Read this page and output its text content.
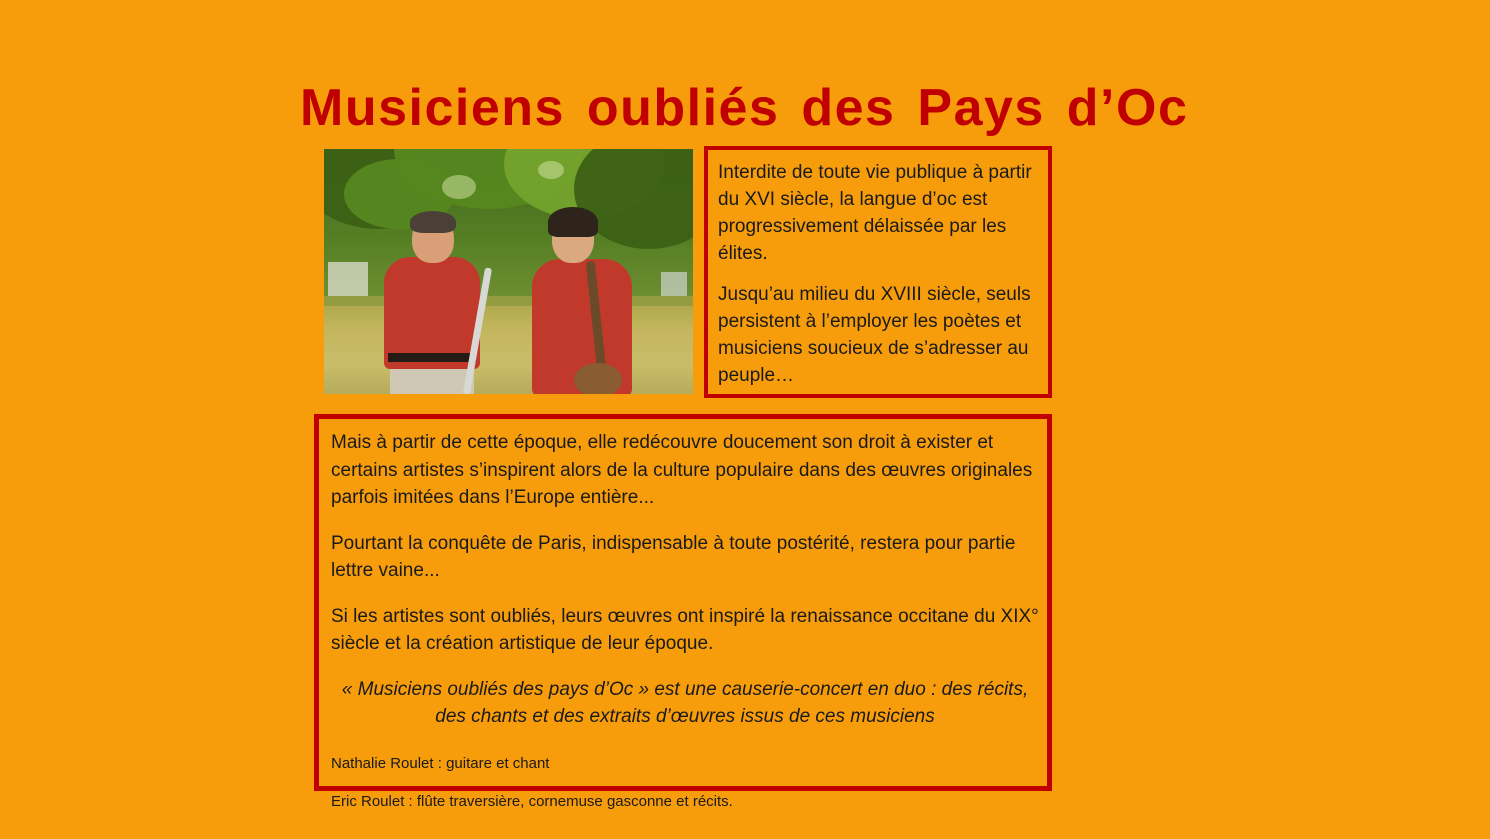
Musiciens oubliés des Pays d’Oc

Interdite de toute vie publique à partir du XVI siècle, la langue d’oc est progressivement délaissée par les élites.

Jusqu’au milieu du XVIII siècle, seuls persistent à l’employer les poètes et musiciens soucieux de s’adresser au peuple…

Mais à partir de cette époque, elle redécouvre doucement son droit à exister et certains artistes s’inspirent alors de la culture populaire dans des œuvres originales parfois imitées dans l’Europe entière...

Pourtant la conquête de Paris, indispensable à toute postérité, restera pour partie lettre vaine...

Si les artistes sont oubliés, leurs œuvres ont inspiré la renaissance occitane du XIX° siècle et la création artistique de leur époque.

« Musiciens oubliés des pays d’Oc » est une causerie-concert en duo : des récits, des chants et des extraits d’œuvres issus de ces musiciens

Nathalie Roulet : guitare et chant

Eric Roulet : flûte traversière, cornemuse gasconne et récits.
